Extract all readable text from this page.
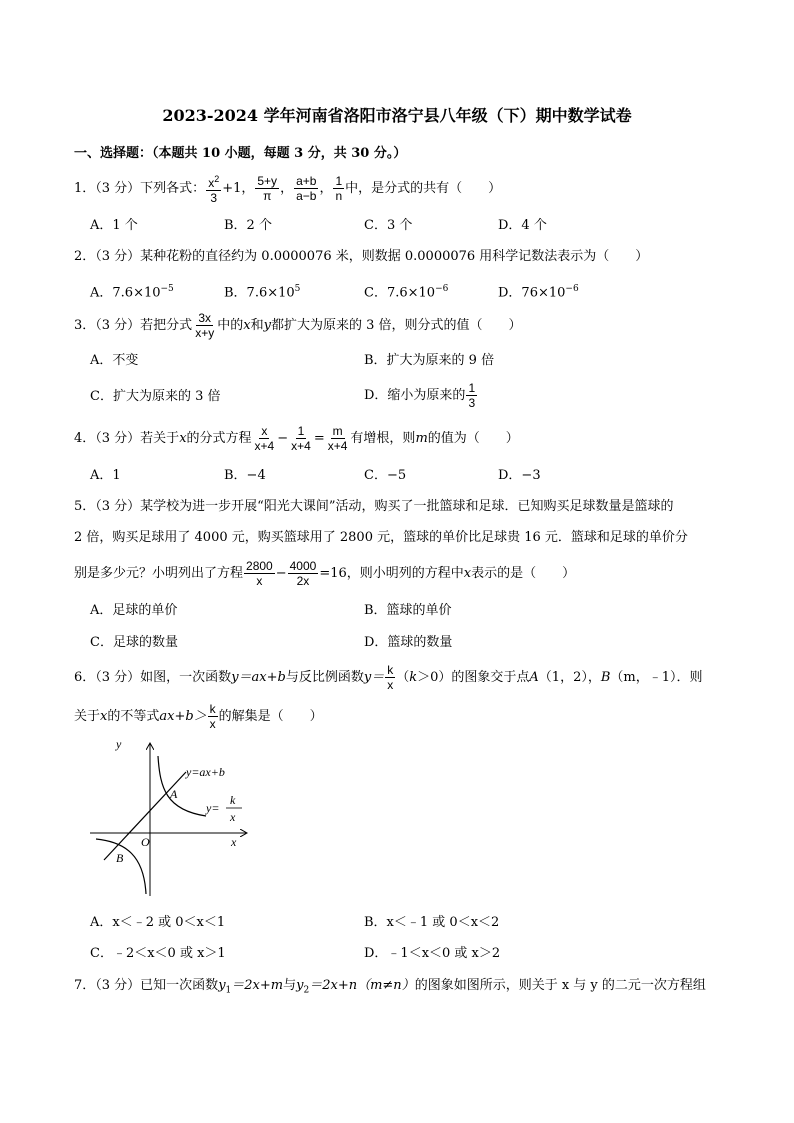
2023-2024 学年河南省洛阳市洛宁县八年级（下）期中数学试卷
一、选择题：（本题共 10 小题，每题 3 分，共 30 分。）
1．（3 分）下列各式： $\frac{x^2}{3} +1$， $\frac{5+y}{\pi}$ ， $\frac{a+b}{a-b}$ ， $\frac{1}{n}$ 中，是分式的共有（　　）
A．1 个	B．2 个	C．3 个	D．4 个
2．（3 分）某种花粉的直径约为 0.0000076 米，则数据 0.0000076 用科学记数法表示为（　　）
A．$7.6\times 10^{-5}$	B．$7.6\times 10^5$	C．$7.6\times 10^{-6}$	D．$76\times 10^{-6}$
3．（3 分）若把分式 $\frac{3x}{x+y}$ 中的x和y都扩大为原来的 3 倍，则分式的值（　　）
A．不变	B．扩大为原来的 9 倍
C．扩大为原来的 3 倍	D．缩小为原来的 $\frac{1}{3}$
4．（3 分）若关于x的分式方程 $\frac{x}{x+4} - \frac{1}{x+4} = \frac{m}{x+4}$ 有增根，则m的值为（　　）
A．1	B．−4	C．−5	D．−3
5．（3 分）某学校为进一步开展“阳光大课间”活动，购买了一批篮球和足球．已知购买足球数量是篮球的
2 倍，购买足球用了 4000 元，购买篮球用了 2800 元，篮球的单价比足球贵 16 元．篮球和足球的单价分
别是多少元？小明列出了方程 $\frac{2800}{x} - \frac{4000}{2x} =16$，则小明列的方程中x表示的是（　　）
A．足球的单价	B．篮球的单价
C．足球的数量	D．篮球的数量
6．（3 分）如图，一次函数y＝ax+b与反比例函数$y= \frac{k}{x} (k>0)$的图象交于点A（1，2），B（m，﹣1）．则
关于x的不等式$ax+b> \frac{k}{x}$ 的解集是（　　）
y
x
O
A
B
y=ax+b
y=
k
x
A．x＜﹣2 或 0＜x＜1	B．x＜﹣1 或 0＜x＜2
C．﹣2＜x＜0 或 x＞1	D．﹣1＜x＜0 或 x＞2
7．（3 分）已知一次函数$y_1=2x+m$与$y_2=2x+n(m\ne n)$的图象如图所示，则关于 x 与 y 的二元一次方程组
